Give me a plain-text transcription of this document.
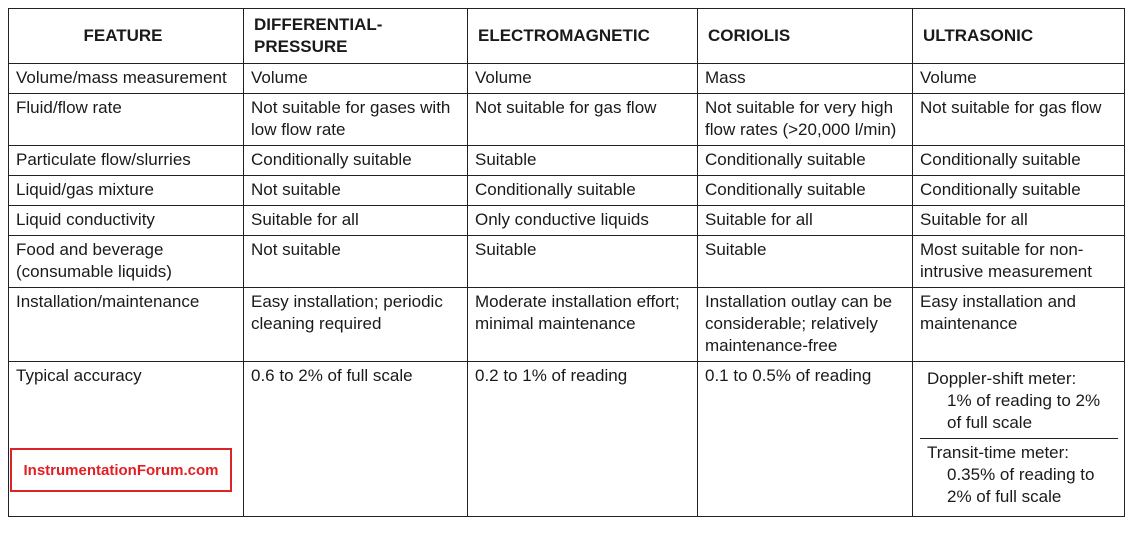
FEATURE	DIFFERENTIAL-PRESSURE	ELECTROMAGNETIC	CORIOLIS	ULTRASONIC
Volume/mass measurement	Volume	Volume	Mass	Volume
Fluid/flow rate	Not suitable for gases with low flow rate	Not suitable for gas flow	Not suitable for very high flow rates (>20,000 l/min)	Not suitable for gas flow
Particulate flow/slurries	Conditionally suitable	Suitable	Conditionally suitable	Conditionally suitable
Liquid/gas mixture	Not suitable	Conditionally suitable	Conditionally suitable	Conditionally suitable
Liquid conductivity	Suitable for all	Only conductive liquids	Suitable for all	Suitable for all
Food and beverage (consumable liquids)	Not suitable	Suitable	Suitable	Most suitable for non-intrusive measurement
Installation/maintenance	Easy installation; periodic cleaning required	Moderate installation effort; minimal maintenance	Installation outlay can be considerable; relatively maintenance-free	Easy installation and maintenance
Typical accuracy	0.6 to 2% of full scale	0.2 to 1% of reading	0.1 to 0.5% of reading	Doppler-shift meter:
1% of reading to 2% of full scale
Transit-time meter:
0.35% of reading to 2% of full scale
InstrumentationForum.com
